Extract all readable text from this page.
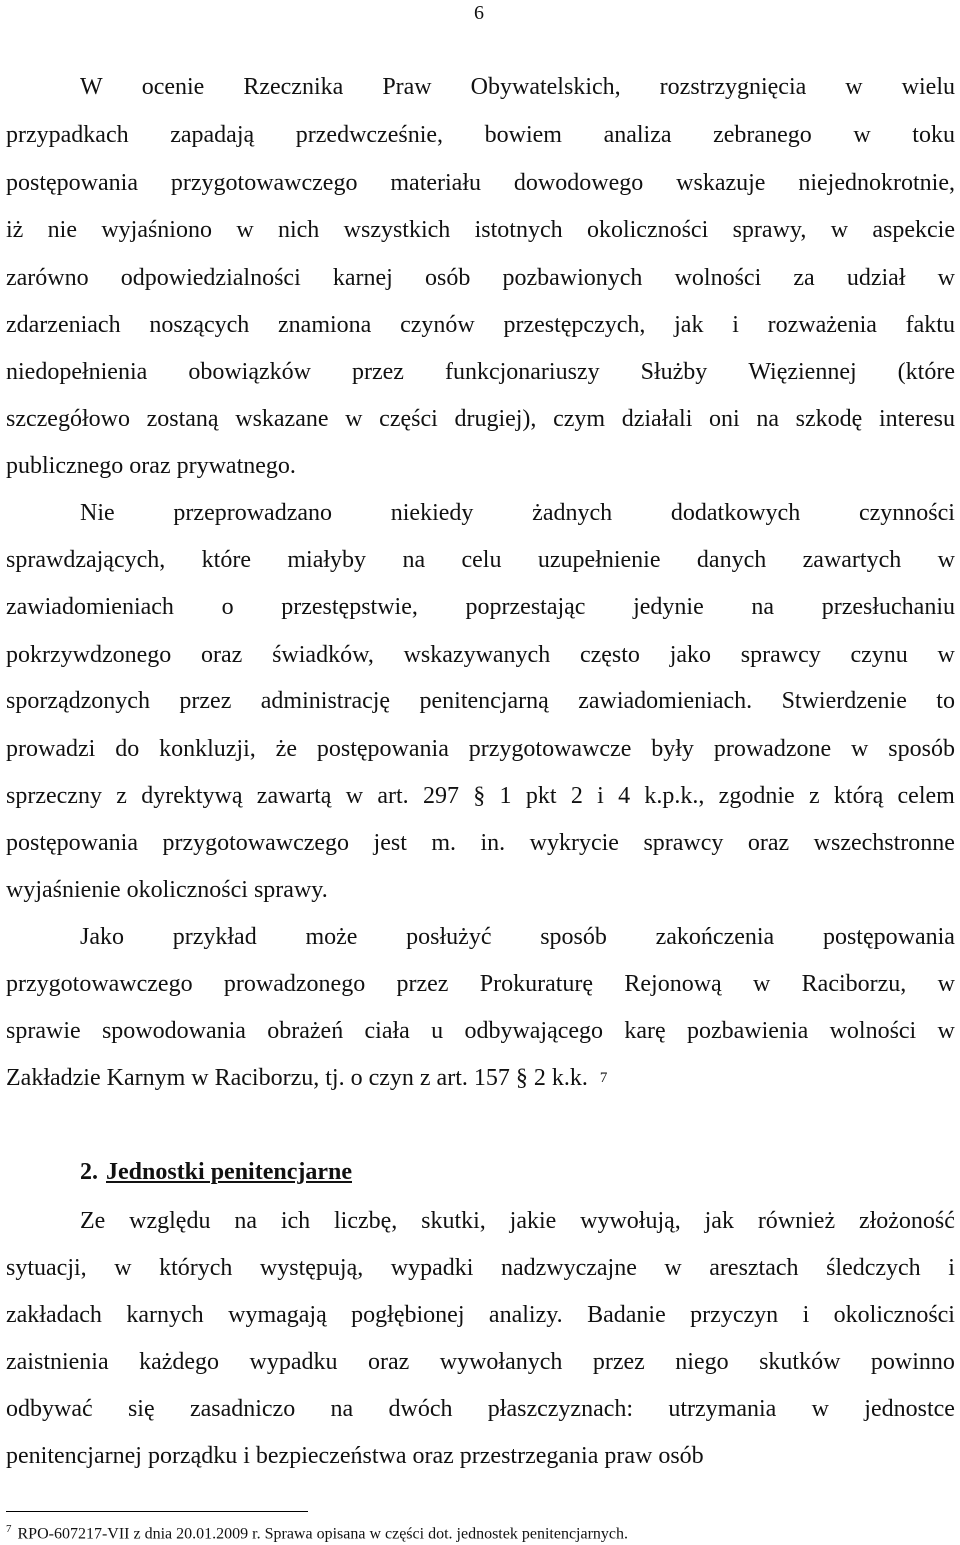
6
W ocenie Rzecznika Praw Obywatelskich, rozstrzygnięcia w wielu
przypadkach zapadają przedwcześnie, bowiem analiza zebranego w toku
postępowania przygotowawczego materiału dowodowego wskazuje niejednokrotnie,
iż nie wyjaśniono w nich wszystkich istotnych okoliczności sprawy, w aspekcie
zarówno odpowiedzialności karnej osób pozbawionych wolności za udział w
zdarzeniach noszących znamiona czynów przestępczych, jak i rozważenia faktu
niedopełnienia obowiązków przez funkcjonariuszy Służby Więziennej (które
szczegółowo zostaną wskazane w części drugiej), czym działali oni na szkodę interesu
publicznego oraz prywatnego.
Nie przeprowadzano niekiedy żadnych dodatkowych czynności
sprawdzających, które miałyby na celu uzupełnienie danych zawartych w
zawiadomieniach o przestępstwie, poprzestając jedynie na przesłuchaniu
pokrzywdzonego oraz świadków, wskazywanych często jako sprawcy czynu w
sporządzonych przez administrację penitencjarną zawiadomieniach. Stwierdzenie to
prowadzi do konkluzji, że postępowania przygotowawcze były prowadzone w sposób
sprzeczny z dyrektywą zawartą w art. 297 § 1 pkt 2 i 4 k.p.k., zgodnie z którą celem
postępowania przygotowawczego jest m. in. wykrycie sprawcy oraz wszechstronne
wyjaśnienie okoliczności sprawy.
Jako przykład może posłużyć sposób zakończenia postępowania
przygotowawczego prowadzonego przez Prokuraturę Rejonową w Raciborzu, w
sprawie spowodowania obrażeń ciała u odbywającego karę pozbawienia wolności w
Zakładzie Karnym w Raciborzu, tj. o czyn z art. 157 § 2 k.k. 7
Ze względu na ich liczbę, skutki, jakie wywołują, jak również złożoność
sytuacji, w których występują, wypadki nadzwyczajne w aresztach śledczych i
zakładach karnych wymagają pogłębionej analizy. Badanie przyczyn i okoliczności
zaistnienia każdego wypadku oraz wywołanych przez niego skutków powinno
odbywać się zasadniczo na dwóch płaszczyznach: utrzymania w jednostce
penitencjarnej porządku i bezpieczeństwa oraz przestrzegania praw osób
2. Jednostki penitencjarne
$^7$ RPO-607217-VII z dnia 20.01.2009 r. Sprawa opisana w części dot. jednostek penitencjarnych.
